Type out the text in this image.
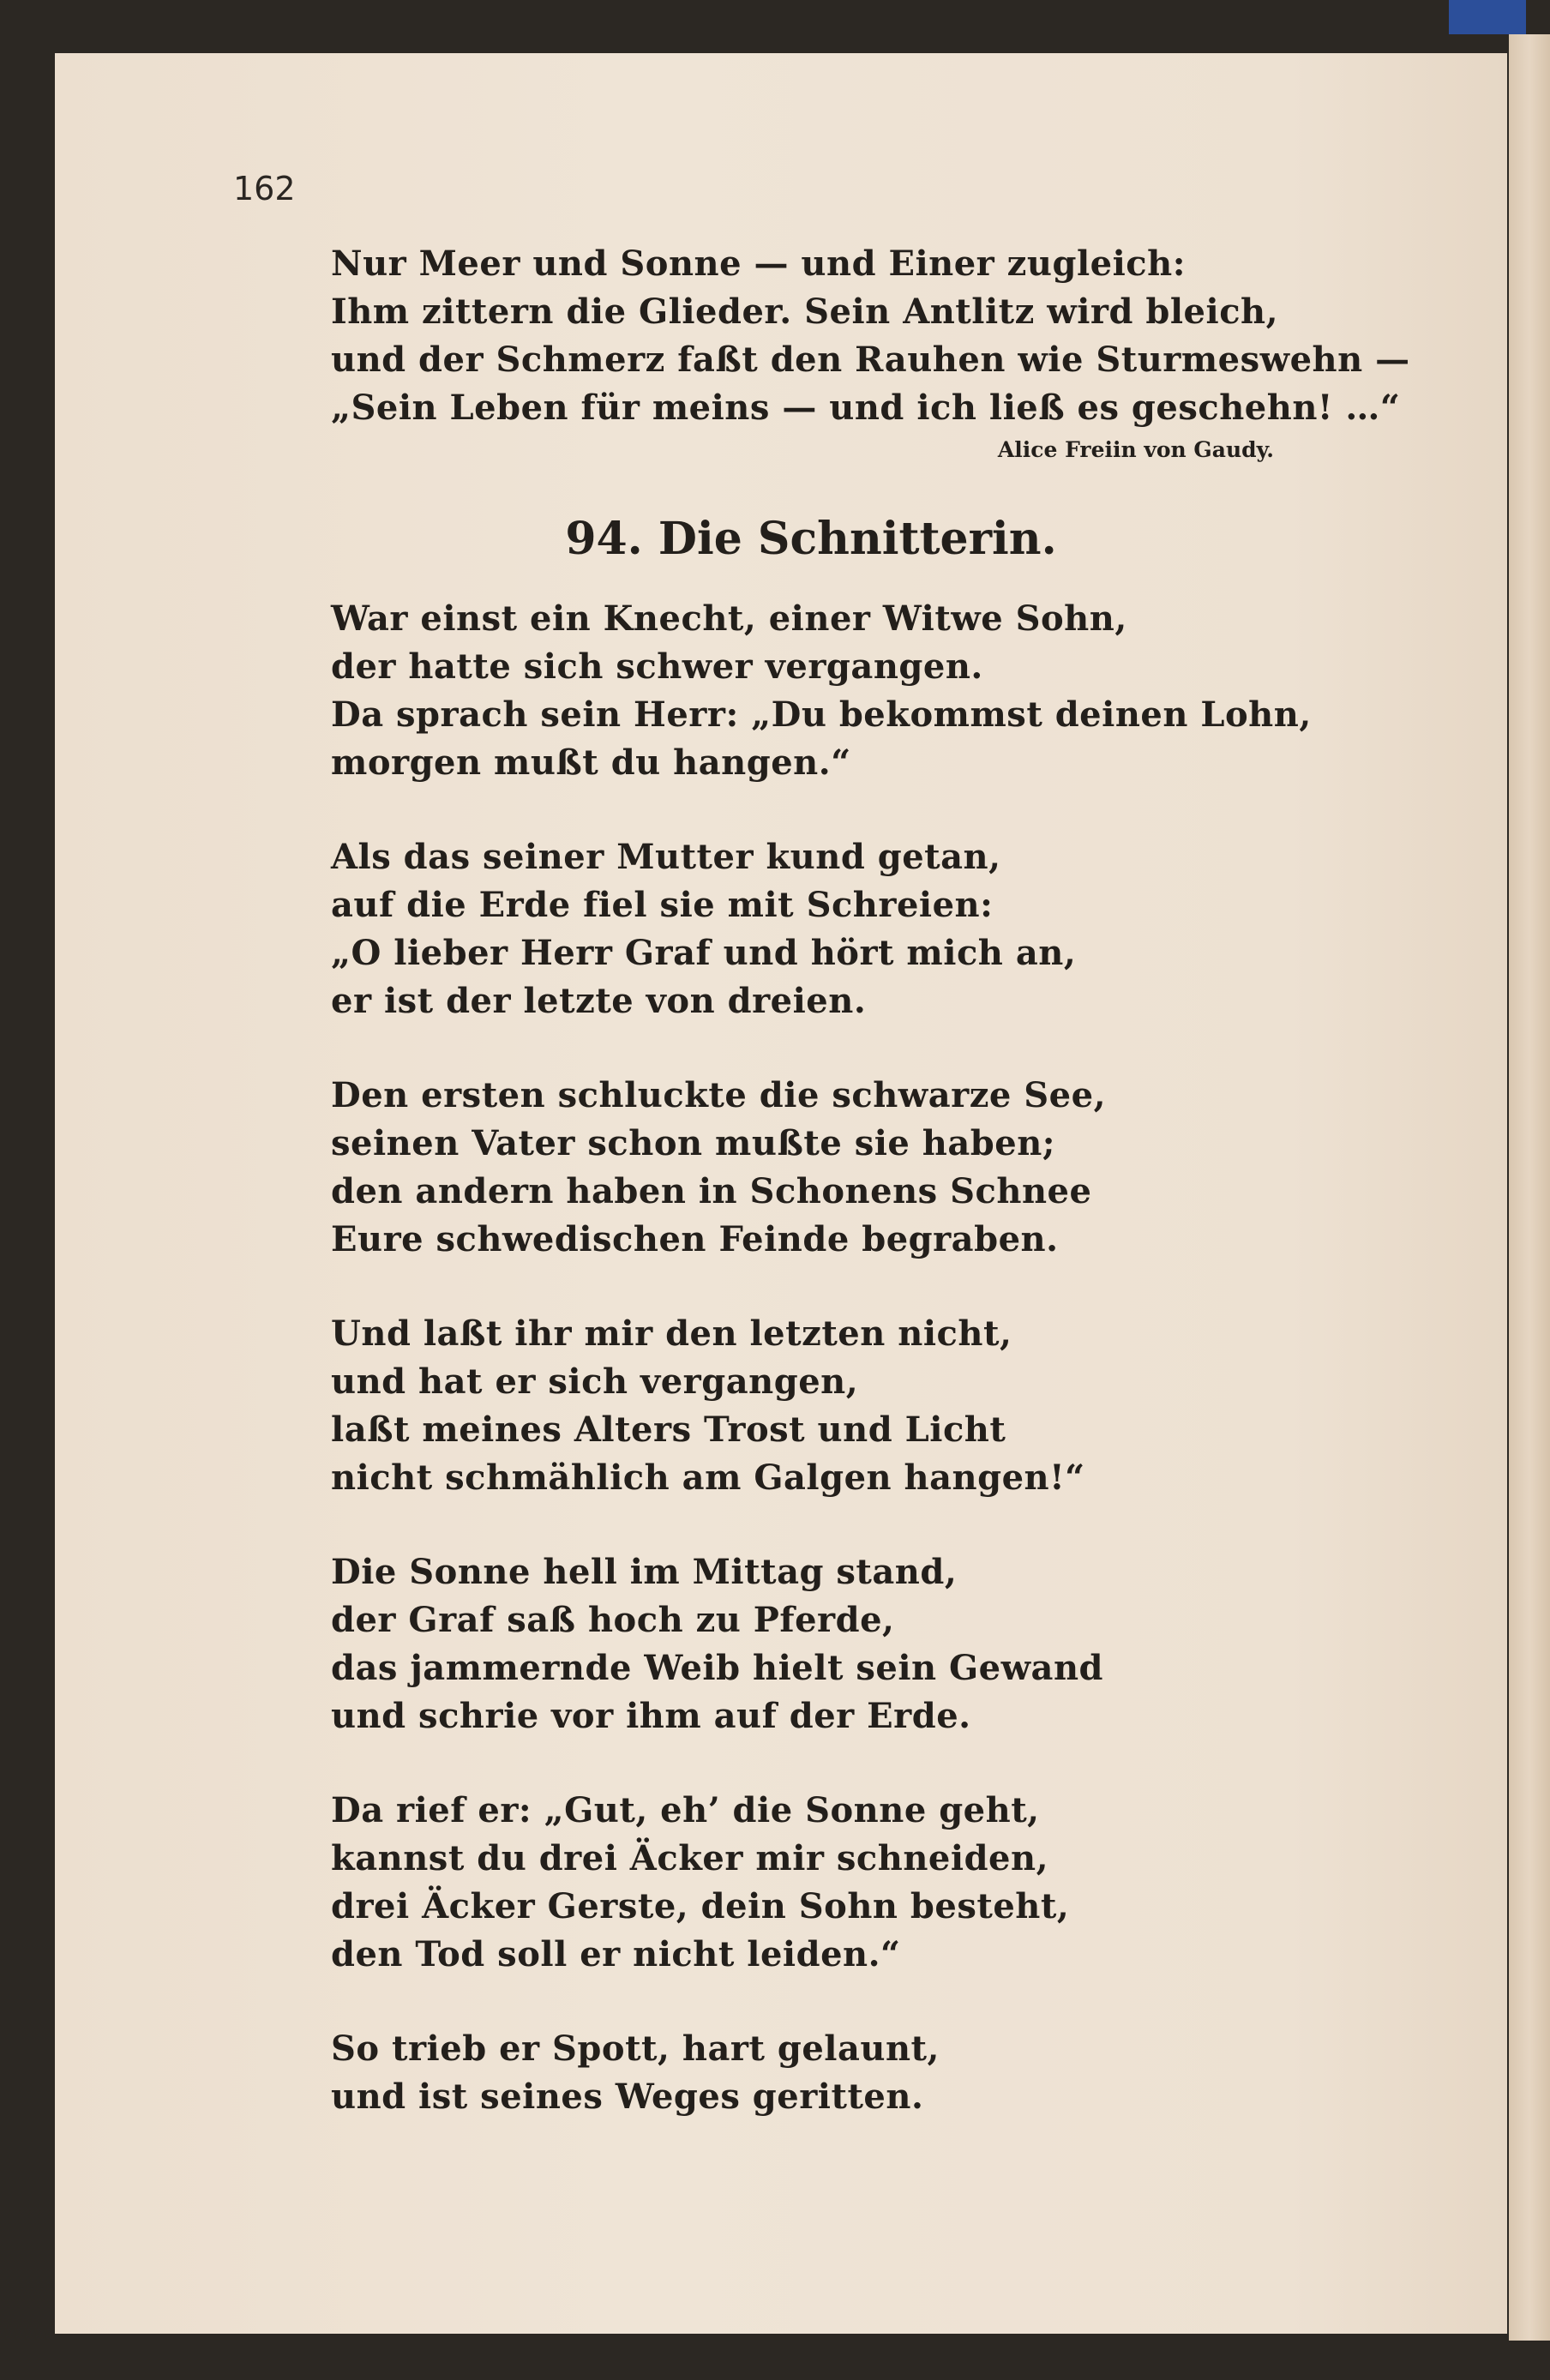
162
Nur Meer und Sonne — und Einer zugleich:
Ihm zittern die Glieder. Sein Antlitz wird bleich,
und der Schmerz faßt den Rauhen wie Sturmeswehn —
„Sein Leben für meins — und ich ließ es geschehn! …“
Alice Freiin von Gaudy.
94. Die Schnitterin.
War einst ein Knecht, einer Witwe Sohn,
der hatte sich schwer vergangen.
Da sprach sein Herr: „Du bekommst deinen Lohn,
morgen mußt du hangen.“
Als das seiner Mutter kund getan,
auf die Erde fiel sie mit Schreien:
„O lieber Herr Graf und hört mich an,
er ist der letzte von dreien.
Den ersten schluckte die schwarze See,
seinen Vater schon mußte sie haben;
den andern haben in Schonens Schnee
Eure schwedischen Feinde begraben.
Und laßt ihr mir den letzten nicht,
und hat er sich vergangen,
laßt meines Alters Trost und Licht
nicht schmählich am Galgen hangen!“
Die Sonne hell im Mittag stand,
der Graf saß hoch zu Pferde,
das jammernde Weib hielt sein Gewand
und schrie vor ihm auf der Erde.
Da rief er: „Gut, eh’ die Sonne geht,
kannst du drei Äcker mir schneiden,
drei Äcker Gerste, dein Sohn besteht,
den Tod soll er nicht leiden.“
So trieb er Spott, hart gelaunt,
und ist seines Weges geritten.
